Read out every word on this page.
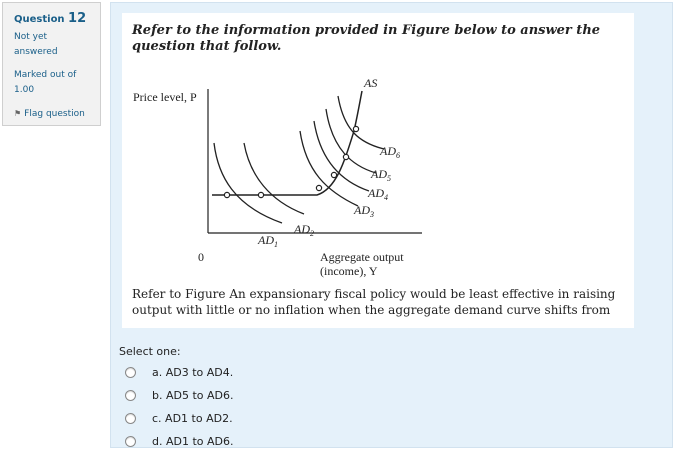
Question 12
Not yet answered
Marked out of
1.00
⚑ Flag question
Refer to the information provided in Figure below to answer the question that follow.
Price level, P
0	Aggregate output
(income), Y
AS
$AD_1$
$AD_2$
$AD_3$
$AD_4$
$AD_5$
$AD_6$
Refer to Figure An expansionary fiscal policy would be least effective in raising output with little or no inflation when the aggregate demand curve shifts from
Select one:
a.
AD3 to AD4.
b.
AD5 to AD6.
c.
AD1 to AD2.
d.
AD1 to AD6.
